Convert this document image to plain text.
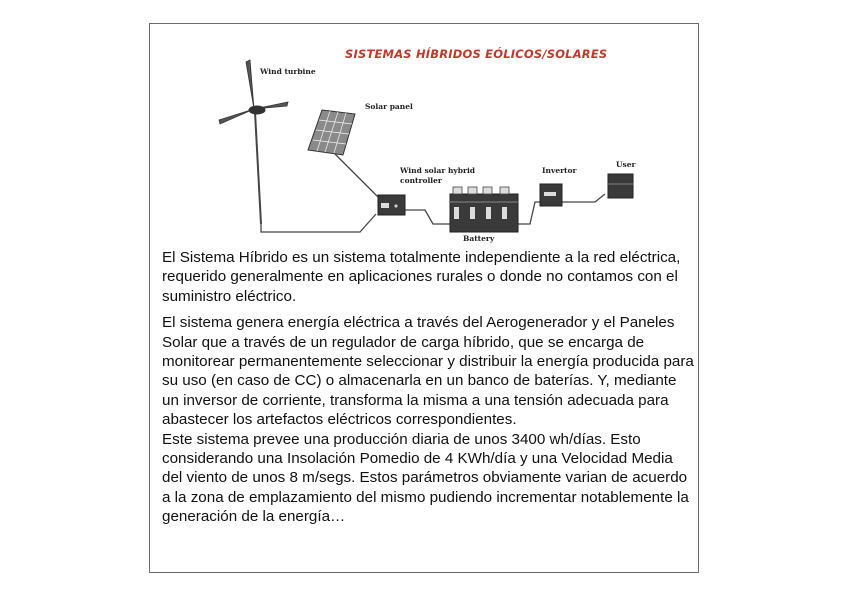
SISTEMAS HÍBRIDOS EÓLICOS/SOLARES
Wind turbine
Solar panel
Wind solar hybrid
controller
Invertor
User
Battery

El Sistema Híbrido es un sistema totalmente independiente a la red eléctrica, requerido generalmente en aplicaciones rurales o donde no contamos con el suministro eléctrico.

El sistema genera energía eléctrica a través del Aerogenerador y el Paneles Solar que a través de un regulador de carga híbrido, que se encarga de monitorear permanentemente seleccionar y distribuir la energía producida para su uso (en caso de CC) o almacenarla en un banco de baterías. Y, mediante un inversor de corriente, transforma la misma a una tensión adecuada para abastecer los artefactos eléctricos correspondientes.

Este sistema prevee una producción diaria de unos 3400 wh/días. Esto considerando una Insolación Pomedio de 4 KWh/día y una Velocidad Media del viento de unos 8 m/segs. Estos parámetros obviamente varian de acuerdo a la zona de emplazamiento del mismo pudiendo incrementar notablemente la generación de la energía…
